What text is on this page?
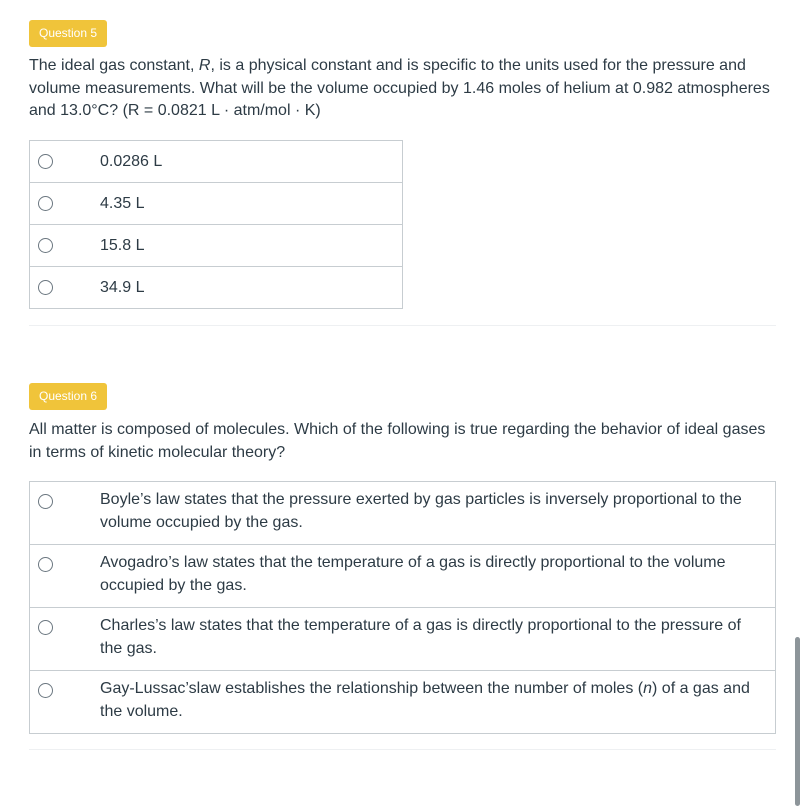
Question 5
The ideal gas constant, R, is a physical constant and is specific to the units used for the pressure and volume measurements. What will be the volume occupied by 1.46 moles of helium at 0.982 atmospheres and 13.0°C? (R = 0.0821 L · atm/mol · K)
0.0286 L
4.35 L
15.8 L
34.9 L
Question 6
All matter is composed of molecules. Which of the following is true regarding the behavior of ideal gases in terms of kinetic molecular theory?
Boyle’s law states that the pressure exerted by gas particles is inversely proportional to the volume occupied by the gas.
Avogadro’s law states that the temperature of a gas is directly proportional to the volume occupied by the gas.
Charles’s law states that the temperature of a gas is directly proportional to the pressure of the gas.
Gay-Lussac’slaw establishes the relationship between the number of moles (n) of a gas and the volume.
